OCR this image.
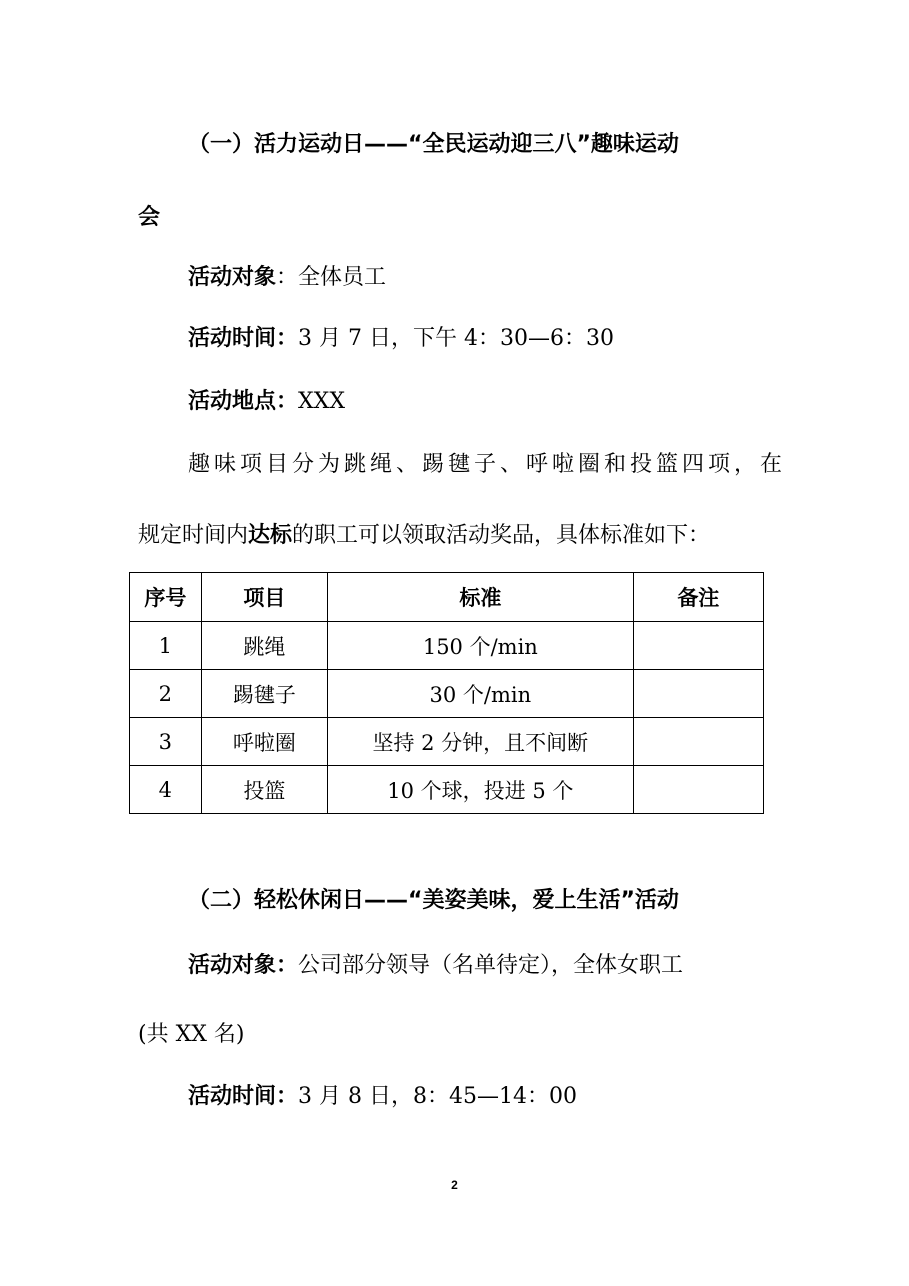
（一）活力运动日——“全民运动迎三八”趣味运动
会
活动对象：全体员工
活动时间：3 月 7 日，下午 4：30—6：30
活动地点：XXX
趣味项目分为跳绳、踢毽子、呼啦圈和投篮四项，在
规定时间内达标的职工可以领取活动奖品，具体标准如下：
序号	项目	标准	备注
1	跳绳	150 个/min	
2	踢毽子	30 个/min	
3	呼啦圈	坚持 2 分钟，且不间断	
4	投篮	10 个球，投进 5 个	
（二）轻松休闲日——“美姿美味，爱上生活”活动
活动对象：公司部分领导（名单待定），全体女职工
(共 XX 名)
活动时间：3 月 8 日，8：45—14：00
2
